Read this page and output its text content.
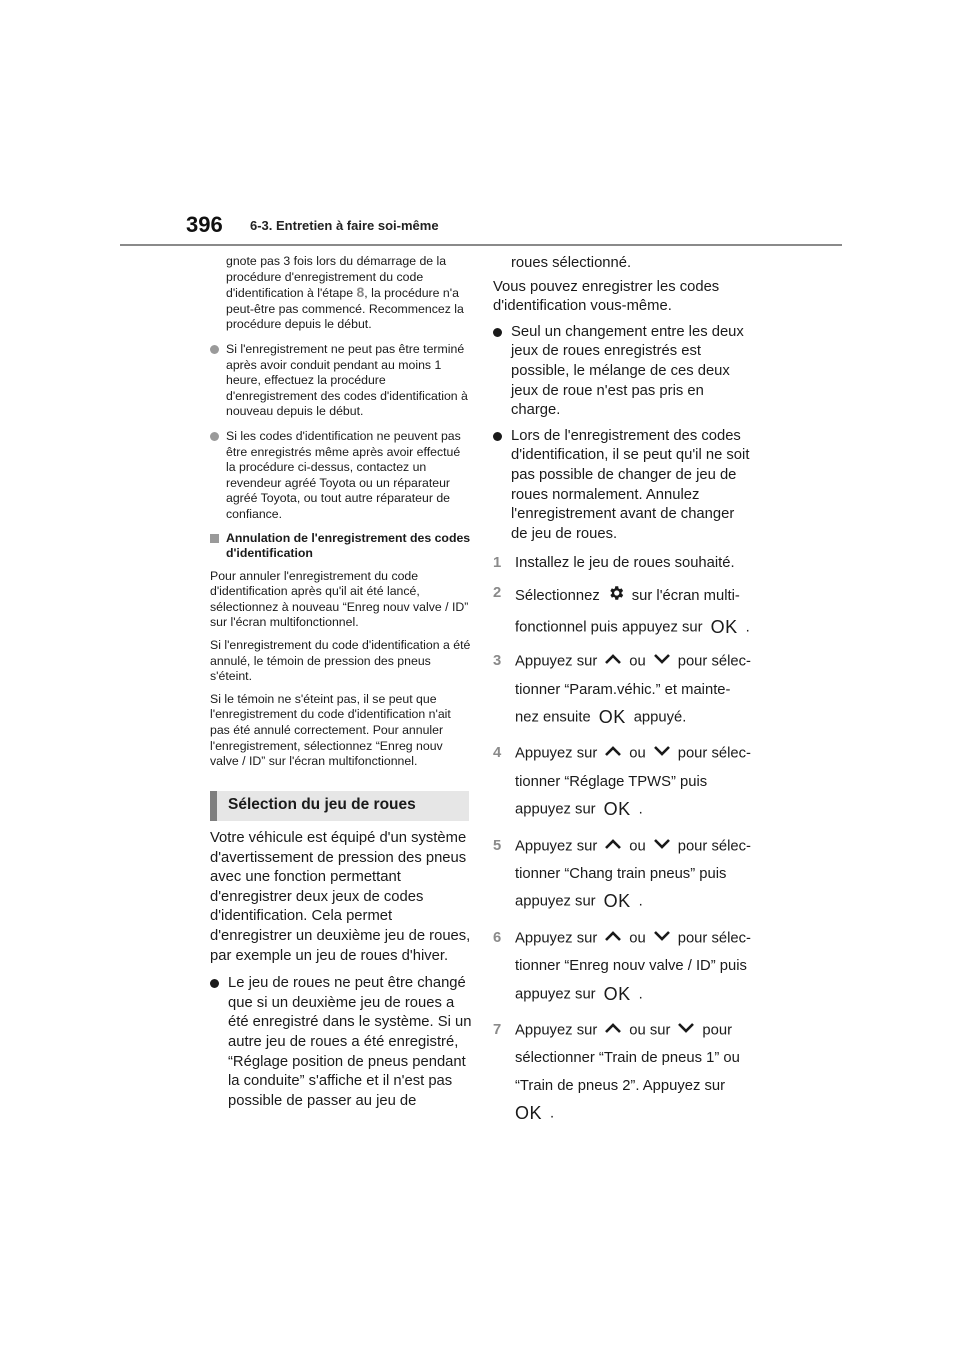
396 6-3. Entretien à faire soi-même

gnote pas 3 fois lors du démarrage de la procédure d'enregistrement du code d'identification à l'étape 8, la procédure n'a peut-être pas commencé. Recommencez la procédure depuis le début.

Si l'enregistrement ne peut pas être terminé après avoir conduit pendant au moins 1 heure, effectuez la procédure d'enregistrement des codes d'identification à nouveau depuis le début.
Si les codes d'identification ne peuvent pas être enregistrés même après avoir effectué la procédure ci-dessus, contactez un revendeur agréé Toyota ou un réparateur agréé Toyota, ou tout autre réparateur de confiance.
Annulation de l'enregistrement des codes d'identification

Pour annuler l'enregistrement du code d'identification après qu'il ait été lancé, sélectionnez à nouveau “Enreg nouv valve / ID” sur l'écran multifonctionnel.

Si l'enregistrement du code d'identification a été annulé, le témoin de pression des pneus s'éteint.

Si le témoin ne s'éteint pas, il se peut que l'enregistrement du code d'identification n'ait pas été annulé correctement. Pour annuler l'enregistrement, sélectionnez “Enreg nouv valve / ID” sur l'écran multifonctionnel.

Sélection du jeu de roues

Votre véhicule est équipé d'un système d'avertissement de pression des pneus avec une fonction permettant d'enregistrer deux jeux de codes d'identification. Cela permet d'enregistrer un deuxième jeu de roues, par exemple un jeu de roues d'hiver.

Le jeu de roues ne peut être changé que si un deuxième jeu de roues a été enregistré dans le système. Si un autre jeu de roues a été enregistré, “Réglage position de pneus pendant la conduite” s'affiche et il n'est pas possible de passer au jeu de

roues sélectionné.

Vous pouvez enregistrer les codes d'identification vous-même.

Seul un changement entre les deux jeux de roues enregistrés est possible, le mélange de ces deux jeux de roue n'est pas pris en charge.
Lors de l'enregistrement des codes d'identification, il se peut qu'il ne soit pas possible de changer de jeu de roues normalement. Annulez l'enregistrement avant de changer de jeu de roues.
1 Installez le jeu de roues souhaité.
2 Sélectionnez sur l'écran multi-
fonctionnel puis appuyez sur OK .
3 Appuyez sur ou pour sélec-
tionner “Param.véhic.” et mainte-
nez ensuite OK appuyé.
4 Appuyez sur ou pour sélec-
tionner “Réglage TPWS” puis
appuyez sur OK .
5 Appuyez sur ou pour sélec-
tionner “Chang train pneus” puis
appuyez sur OK .
6 Appuyez sur ou pour sélec-
tionner “Enreg nouv valve / ID” puis
appuyez sur OK .
7 Appuyez sur ou sur pour
sélectionner “Train de pneus 1” ou
“Train de pneus 2”. Appuyez sur
OK .
